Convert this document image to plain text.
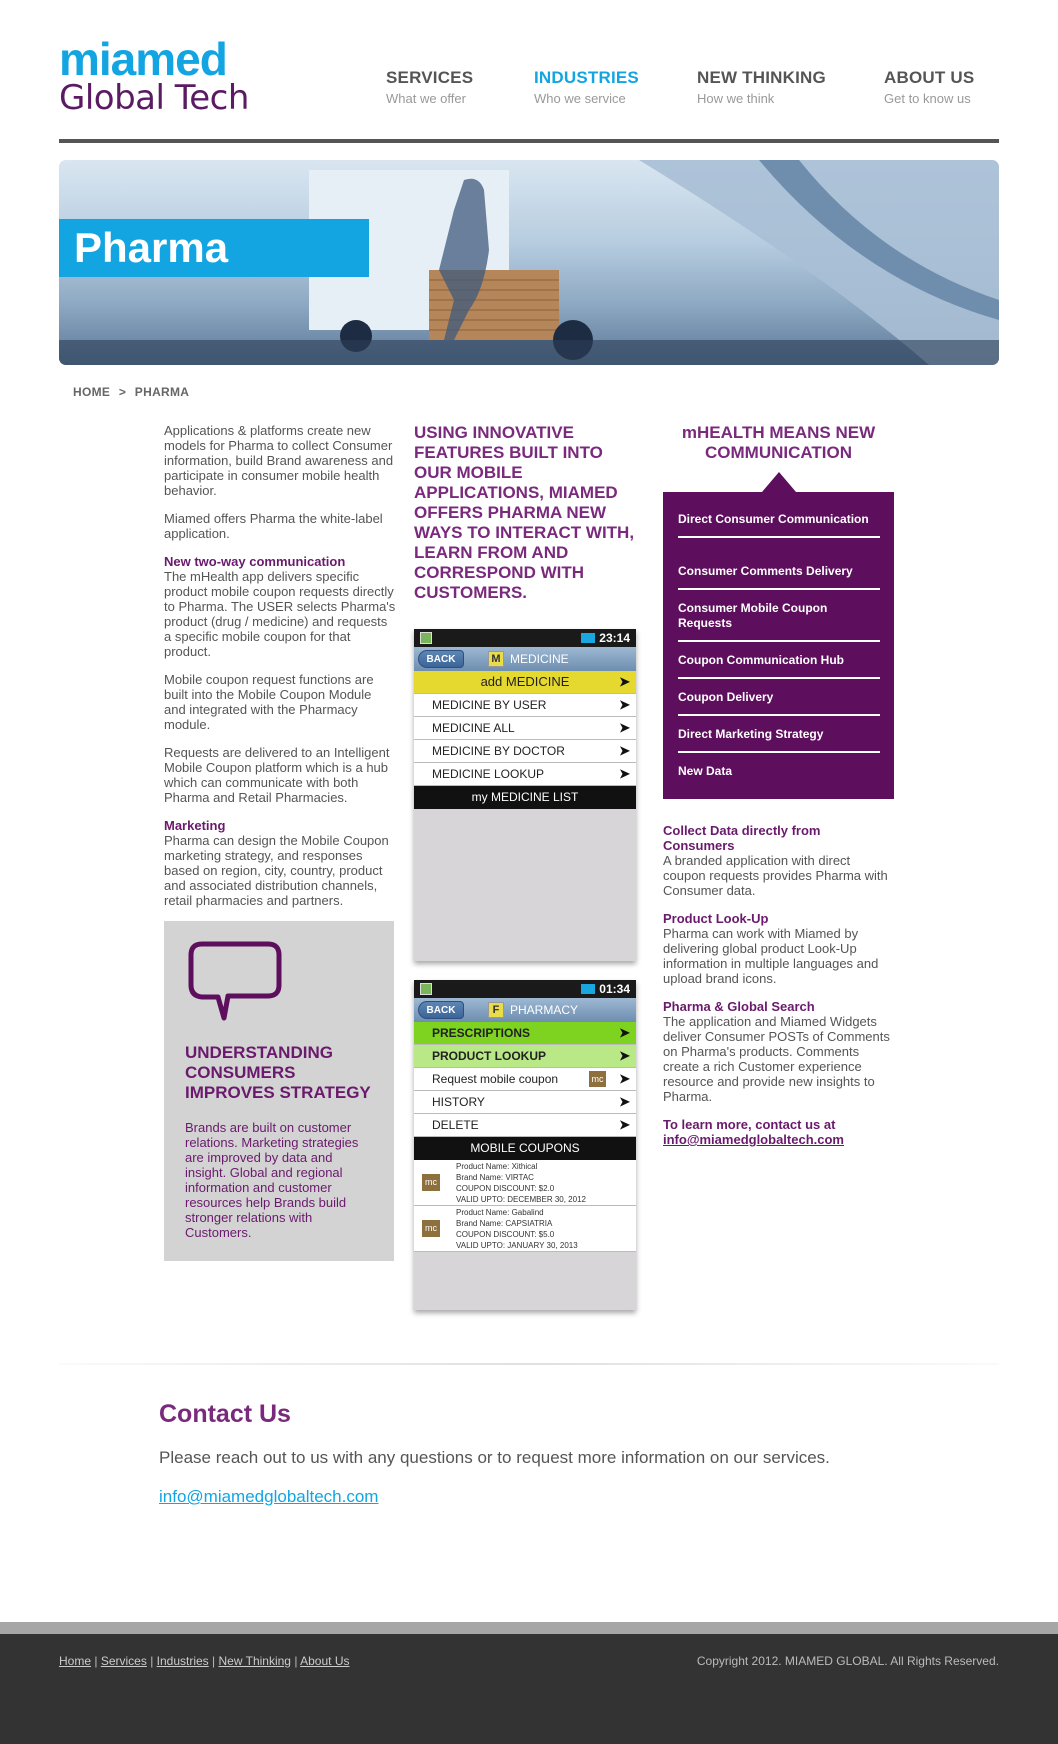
miamed
Global Tech
SERVICES
What we offer
INDUSTRIES
Who we service
NEW THINKING
How we think
ABOUT US
Get to know us
Pharma
HOME > PHARMA

Applications & platforms create new models for Pharma to collect Consumer information, build Brand awareness and participate in consumer mobile health behavior.

Miamed offers Pharma the white-label application.

New two-way communication
The mHealth app delivers specific product mobile coupon requests directly to Pharma. The USER selects Pharma's product (drug / medicine) and requests a specific mobile coupon for that product.

Mobile coupon request functions are built into the Mobile Coupon Module and integrated with the Pharmacy module.

Requests are delivered to an Intelligent Mobile Coupon platform which is a hub which can communicate with both Pharma and Retail Pharmacies.

Marketing
Pharma can design the Mobile Coupon marketing strategy, and responses based on region, city, country, product and associated distribution channels, retail pharmacies and partners.

UNDERSTANDING CONSUMERS IMPROVES STRATEGY
Brands are built on customer relations. Marketing strategies are improved by data and insight. Global and regional information and customer resources help Brands build stronger relations with Customers.
USING INNOVATIVE FEATURES BUILT INTO OUR MOBILE APPLICATIONS, MIAMED OFFERS PHARMA NEW WAYS TO INTERACT WITH, LEARN FROM AND CORRESPOND WITH CUSTOMERS.
23:14
BACK	M MEDICINE
add MEDICINE	➤
MEDICINE BY USER	➤
MEDICINE ALL	➤
MEDICINE BY DOCTOR	➤
MEDICINE LOOKUP	➤
my MEDICINE LIST
01:34
BACK	F PHARMACY
PRESCRIPTIONS	➤
PRODUCT LOOKUP	➤
Request mobile coupon	mc ➤
HISTORY	➤
DELETE	➤
MOBILE COUPONS
mc
Product Name: Xithical
Brand Name: VIRTAC
COUPON DISCOUNT: $2.0
VALID UPTO: DECEMBER 30, 2012
mc
Product Name: Gabalind
Brand Name: CAPSIATRIA
COUPON DISCOUNT: $5.0
VALID UPTO: JANUARY 30, 2013
mHEALTH MEANS NEW COMMUNICATION
Direct Consumer Communication
Consumer Comments Delivery
Consumer Mobile Coupon Requests
Coupon Communication Hub
Coupon Delivery
Direct Marketing Strategy
New Data

Collect Data directly from Consumers
A branded application with direct coupon requests provides Pharma with Consumer data.

Product Look-Up
Pharma can work with Miamed by delivering global product Look-Up information in multiple languages and upload brand icons.

Pharma & Global Search
The application and Miamed Widgets deliver Consumer POSTs of Comments on Pharma's products. Comments create a rich Customer experience resource and provide new insights to Pharma.

To learn more, contact us at
info@miamedglobaltech.com

Contact Us
Please reach out to us with any questions or to request more information on our services.
info@miamedglobaltech.com
Home | Services | Industries | New Thinking | About Us	Copyright 2012. MIAMED GLOBAL. All Rights Reserved.
